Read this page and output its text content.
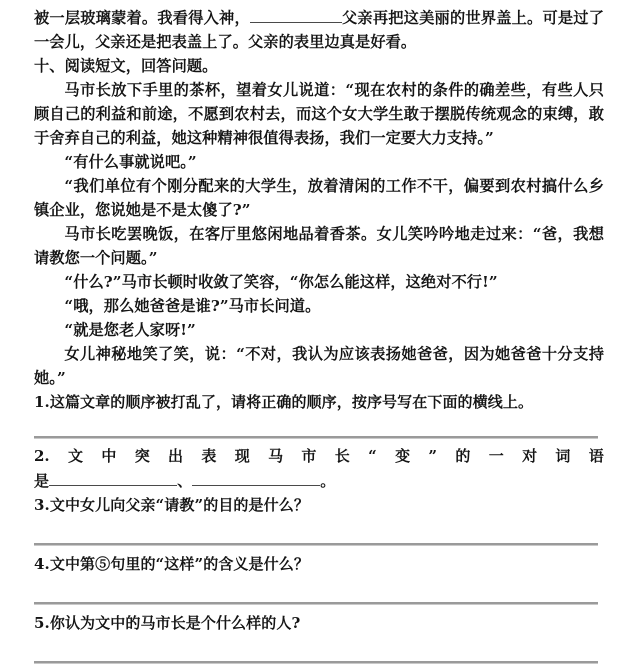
被一层玻璃蒙着。我看得入神，	父亲再把这美丽的世界盖上。可是过了一会儿，父亲还是把表盖上了。父亲的表里边真是好看。

十、阅读短文，回答问题。

马市长放下手里的茶杯，望着女儿说道：“现在农村的条件的确差些，有些人只顾自己的利益和前途，不愿到农村去，而这个女大学生敢于摆脱传统观念的束缚，敢于舍弃自己的利益，她这种精神很值得表扬，我们一定要大力支持。”

“有什么事就说吧。”

“我们单位有个刚分配来的大学生，放着清闲的工作不干，偏要到农村搞什么乡镇企业，您说她是不是太傻了?”

马市长吃罢晚饭，在客厅里悠闲地品着香茶。女儿笑吟吟地走过来：“爸，我想请教您一个问题。”

“什么?”马市长顿时收敛了笑容，“你怎么能这样，这绝对不行!”

“哦，那么她爸爸是谁?”马市长问道。

“就是您老人家呀!”

女儿神秘地笑了笑，说：“不对，我认为应该表扬她爸爸，因为她爸爸十分支持她。”

1.这篇文章的顺序被打乱了，请将正确的顺序，按序号写在下面的横线上。

2. 文 中 突 出 表 现 马 市 长 “ 变 ” 的 一 对 词 语

是	、	。

3.文中女儿向父亲“请教”的目的是什么？

4.文中第⑤句里的“这样”的含义是什么？

5.你认为文中的马市长是个什么样的人?
